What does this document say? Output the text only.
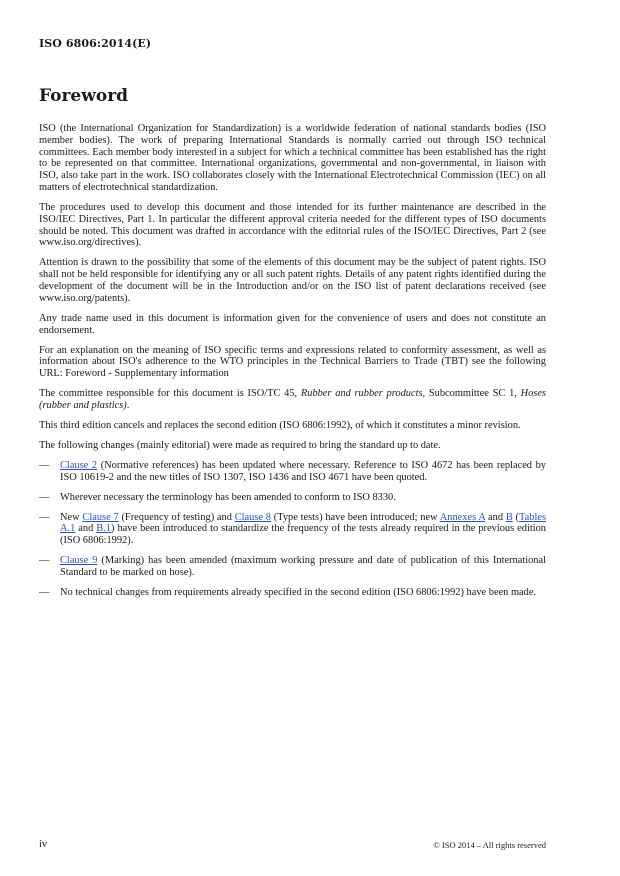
ISO 6806:2014(E)
Foreword

ISO (the International Organization for Standardization) is a worldwide federation of national standards bodies (ISO member bodies). The work of preparing International Standards is normally carried out through ISO technical committees. Each member body interested in a subject for which a technical committee has been established has the right to be represented on that committee. International organizations, governmental and non-governmental, in liaison with ISO, also take part in the work. ISO collaborates closely with the International Electrotechnical Commission (IEC) on all matters of electrotechnical standardization.

The procedures used to develop this document and those intended for its further maintenance are described in the ISO/IEC Directives, Part 1. In particular the different approval criteria needed for the different types of ISO documents should be noted. This document was drafted in accordance with the editorial rules of the ISO/IEC Directives, Part 2 (see www.iso.org/directives).

Attention is drawn to the possibility that some of the elements of this document may be the subject of patent rights. ISO shall not be held responsible for identifying any or all such patent rights. Details of any patent rights identified during the development of the document will be in the Introduction and/or on the ISO list of patent declarations received (see www.iso.org/patents).

Any trade name used in this document is information given for the convenience of users and does not constitute an endorsement.

For an explanation on the meaning of ISO specific terms and expressions related to conformity assessment, as well as information about ISO's adherence to the WTO principles in the Technical Barriers to Trade (TBT) see the following URL: Foreword - Supplementary information

The committee responsible for this document is ISO/TC 45, Rubber and rubber products, Subcommittee SC 1, Hoses (rubber and plastics).

This third edition cancels and replaces the second edition (ISO 6806:1992), of which it constitutes a minor revision.

The following changes (mainly editorial) were made as required to bring the standard up to date.

— Clause 2 (Normative references) has been updated where necessary. Reference to ISO 4672 has been replaced by ISO 10619-2 and the new titles of ISO 1307, ISO 1436 and ISO 4671 have been quoted.
— Wherever necessary the terminology has been amended to conform to ISO 8330.
— New Clause 7 (Frequency of testing) and Clause 8 (Type tests) have been introduced; new Annexes A and B (Tables A.1 and B.1) have been introduced to standardize the frequency of the tests already required in the previous edition (ISO 6806:1992).
— Clause 9 (Marking) has been amended (maximum working pressure and date of publication of this International Standard to be marked on hose).
— No technical changes from requirements already specified in the second edition (ISO 6806:1992) have been made.
iv	© ISO 2014 – All rights reserved
